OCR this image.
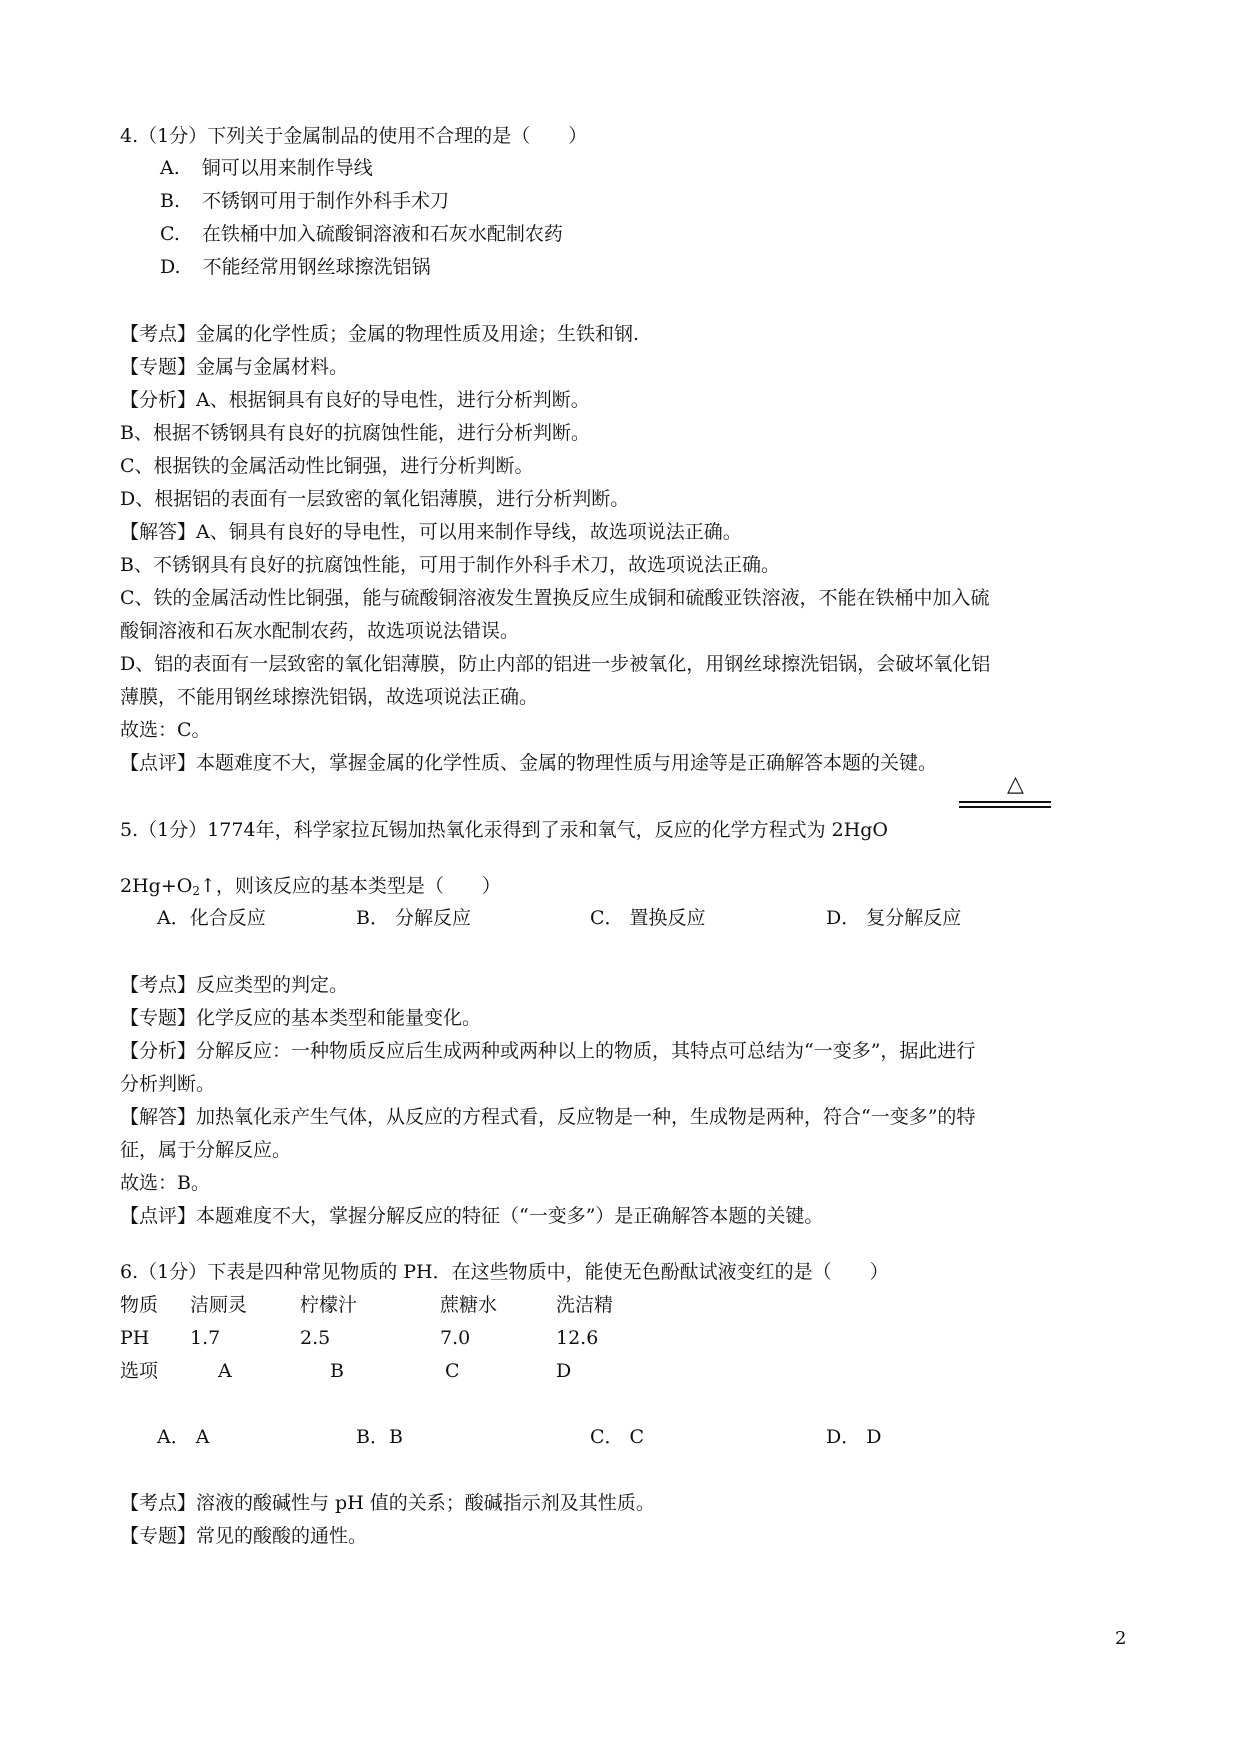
4.（1分）下列关于金属制品的使用不合理的是（　　）
A. 铜可以用来制作导线
B. 不锈钢可用于制作外科手术刀
C. 在铁桶中加入硫酸铜溶液和石灰水配制农药
D. 不能经常用钢丝球擦洗铝锅
【考点】金属的化学性质；金属的物理性质及用途；生铁和钢.
【专题】金属与金属材料。
【分析】A、根据铜具有良好的导电性，进行分析判断。
B、根据不锈钢具有良好的抗腐蚀性能，进行分析判断。
C、根据铁的金属活动性比铜强，进行分析判断。
D、根据铝的表面有一层致密的氧化铝薄膜，进行分析判断。
【解答】A、铜具有良好的导电性，可以用来制作导线，故选项说法正确。
B、不锈钢具有良好的抗腐蚀性能，可用于制作外科手术刀，故选项说法正确。
C、铁的金属活动性比铜强，能与硫酸铜溶液发生置换反应生成铜和硫酸亚铁溶液，不能在铁桶中加入硫
酸铜溶液和石灰水配制农药，故选项说法错误。
D、铝的表面有一层致密的氧化铝薄膜，防止内部的铝进一步被氧化，用钢丝球擦洗铝锅，会破坏氧化铝
薄膜，不能用钢丝球擦洗铝锅，故选项说法正确。
故选：C。
【点评】本题难度不大，掌握金属的化学性质、金属的物理性质与用途等是正确解答本题的关键。
5.（1分）1774年，科学家拉瓦锡加热氧化汞得到了汞和氧气，反应的化学方程式为 2HgO
△
$2Hg+O_2↑$，则该反应的基本类型是（　　）
A．化合反应	B． 分解反应	C． 置换反应	D． 复分解反应
【考点】反应类型的判定。
【专题】化学反应的基本类型和能量变化。
【分析】分解反应：一种物质反应后生成两种或两种以上的物质，其特点可总结为“一变多”，据此进行
分析判断。
【解答】加热氧化汞产生气体，从反应的方程式看，反应物是一种，生成物是两种，符合“一变多”的特
征，属于分解反应。
故选：B。
【点评】本题难度不大，掌握分解反应的特征（“一变多”）是正确解答本题的关键。
6.（1分）下表是四种常见物质的 PH．在这些物质中，能使无色酚酞试液变红的是（　　）
物质 洁厕灵	柠檬汁	蔗糖水	洗洁精
PH 1.7	2.5	7.0	12.6
选项	A	B	C	D
A． A	B．B	C． C	D． D
【考点】溶液的酸碱性与 pH 值的关系；酸碱指示剂及其性质。
【专题】常见的酸酸的通性。
2
